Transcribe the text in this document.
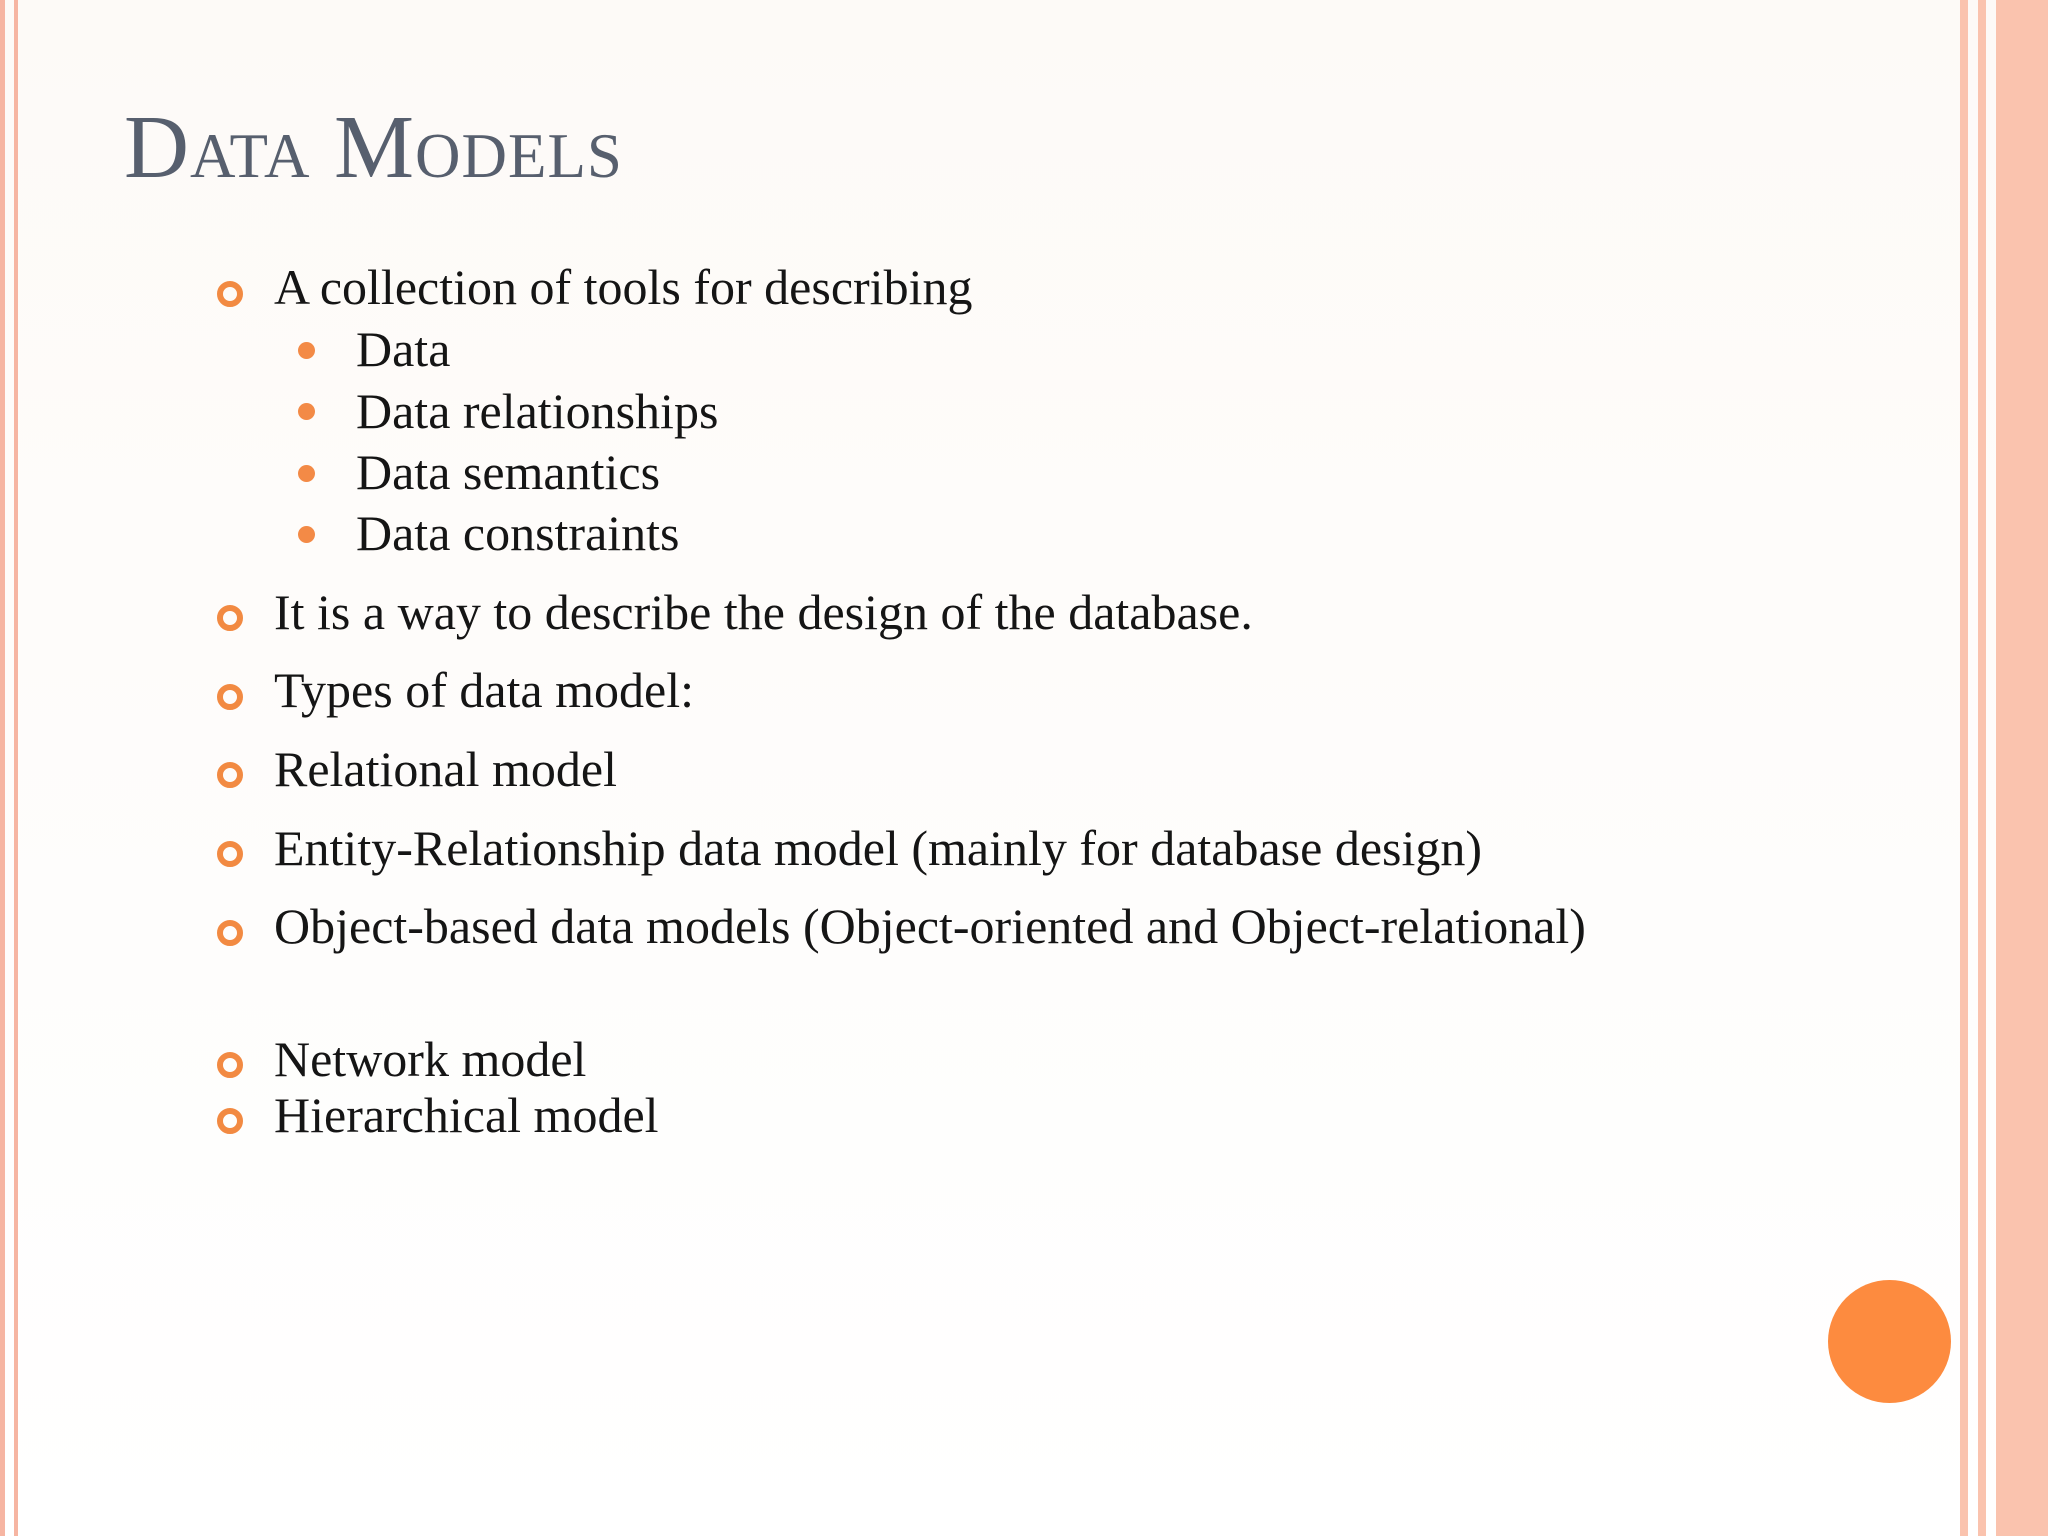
Data Models
A collection of tools for describing
Data
Data relationships
Data semantics
Data constraints
It is a way to describe the design of the database.
Types of data model:
Relational model
Entity-Relationship data model (mainly for database design)
Object-based data models (Object-oriented and Object-relational)
Network model
Hierarchical model
